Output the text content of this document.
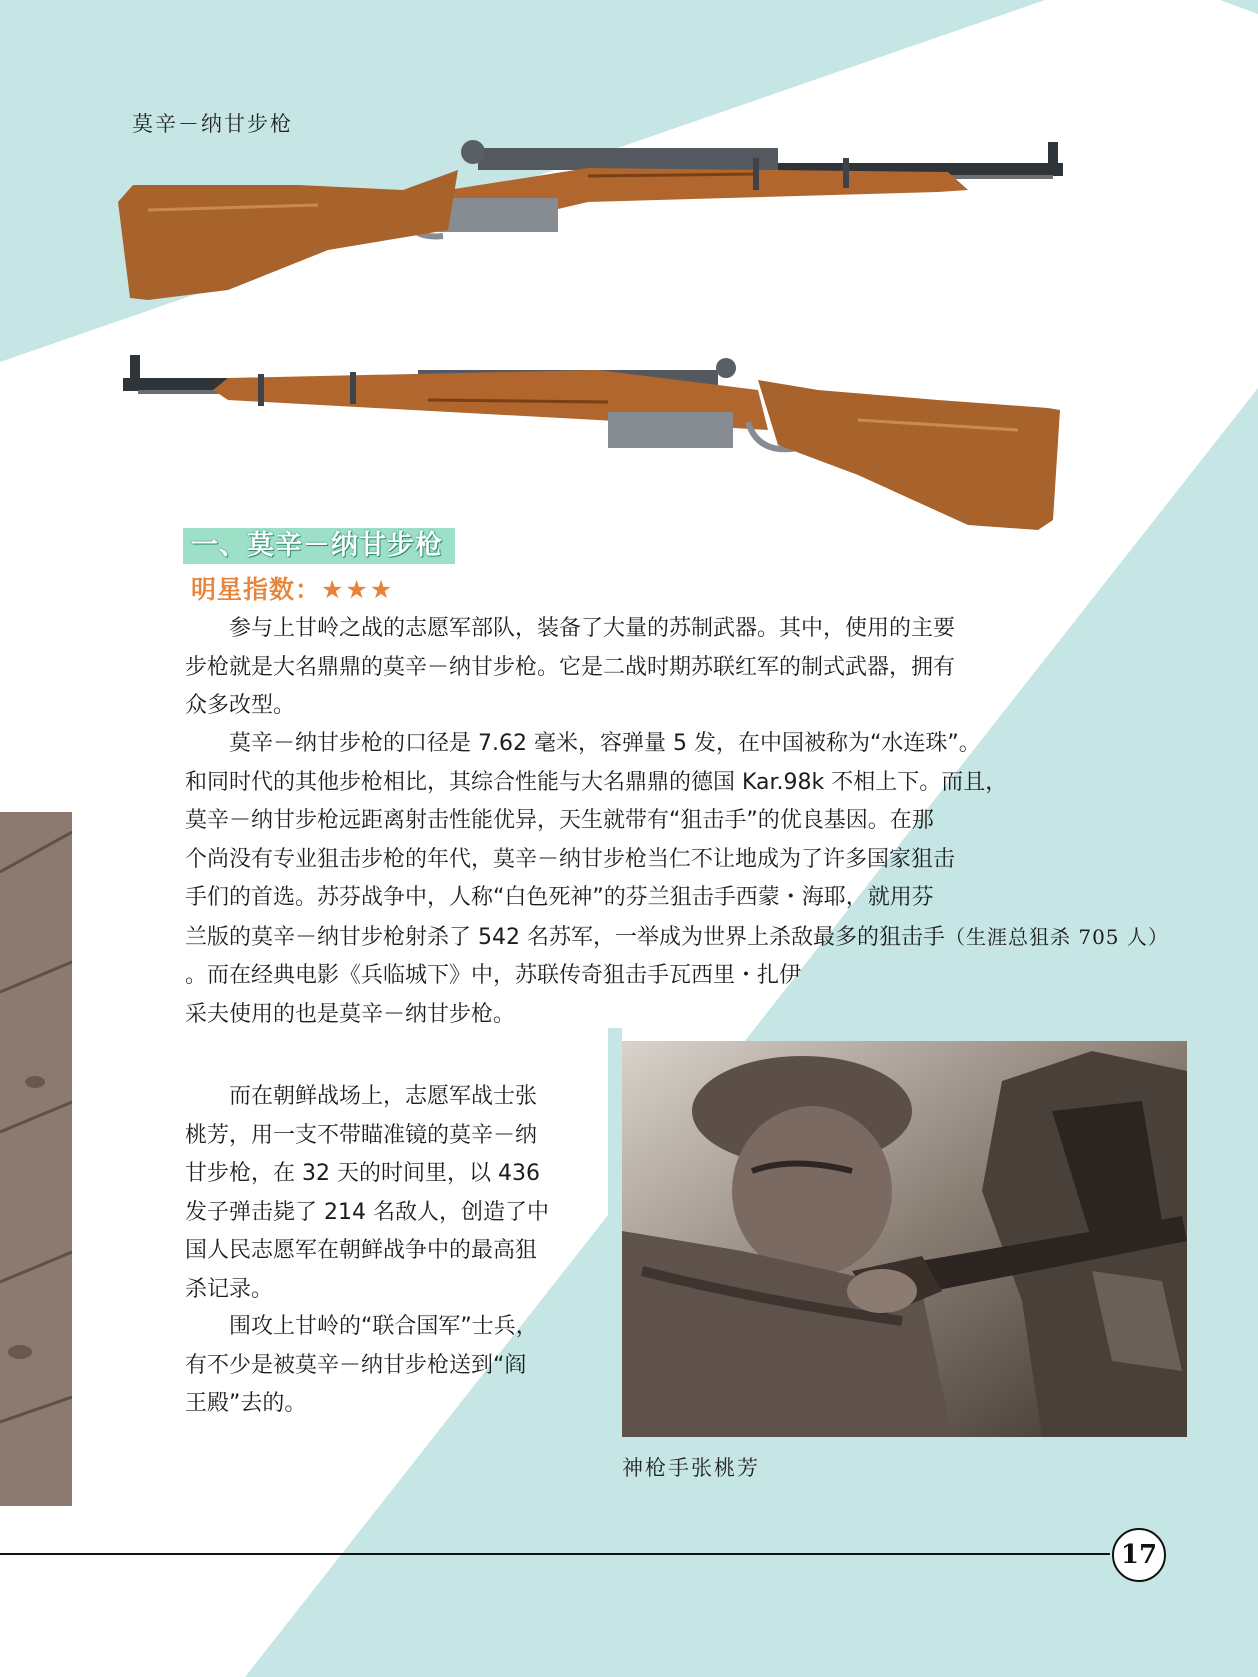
莫辛－纳甘步枪
一、莫辛－纳甘步枪
明星指数：★★★
参与上甘岭之战的志愿军部队，装备了大量的苏制武器。其中，使用的主要
步枪就是大名鼎鼎的莫辛－纳甘步枪。它是二战时期苏联红军的制式武器，拥有
众多改型。
莫辛－纳甘步枪的口径是 7.62 毫米，容弹量 5 发，在中国被称为“水连珠”。
和同时代的其他步枪相比，其综合性能与大名鼎鼎的德国 Kar.98k 不相上下。而且，
莫辛－纳甘步枪远距离射击性能优异，天生就带有“狙击手”的优良基因。在那
个尚没有专业狙击步枪的年代，莫辛－纳甘步枪当仁不让地成为了许多国家狙击
手们的首选。苏芬战争中，人称“白色死神”的芬兰狙击手西蒙・海耶，就用芬
兰版的莫辛－纳甘步枪射杀了 542 名苏军，一举成为世界上杀敌最多的狙击手（生涯总狙杀 705 人）
。而在经典电影《兵临城下》中，苏联传奇狙击手瓦西里・扎伊
采夫使用的也是莫辛－纳甘步枪。
而在朝鲜战场上，志愿军战士张
桃芳，用一支不带瞄准镜的莫辛－纳
甘步枪，在 32 天的时间里，以 436
发子弹击毙了 214 名敌人，创造了中
国人民志愿军在朝鲜战争中的最高狙
杀记录。
围攻上甘岭的“联合国军”士兵，
有不少是被莫辛－纳甘步枪送到“阎
王殿”去的。
神枪手张桃芳
17
